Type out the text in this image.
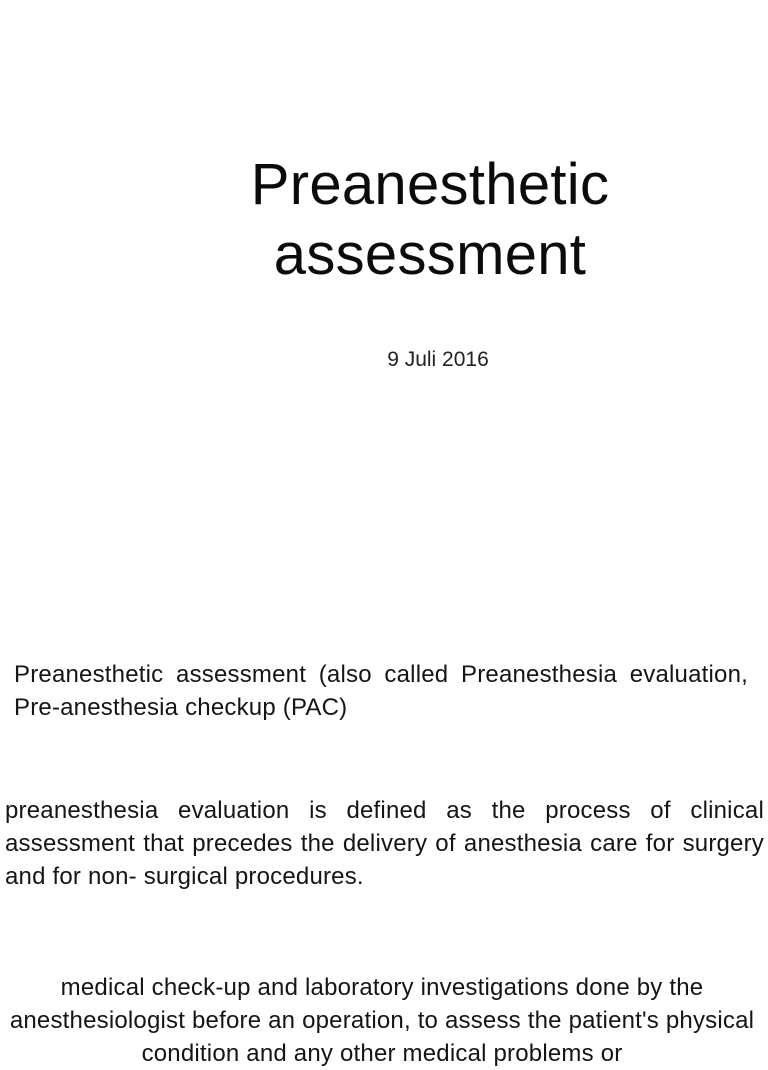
Preanesthetic
assessment
9 Juli 2016

Preanesthetic assessment (also called Preanesthesia evaluation, Pre-anesthesia checkup (PAC)

preanesthesia evaluation is defined as the process of clinical assessment that precedes the delivery of anesthesia care for surgery and for non- surgical procedures.

medical check-up and laboratory investigations done by the anesthesiologist before an operation, to assess the patient's physical condition and any other medical problems or
